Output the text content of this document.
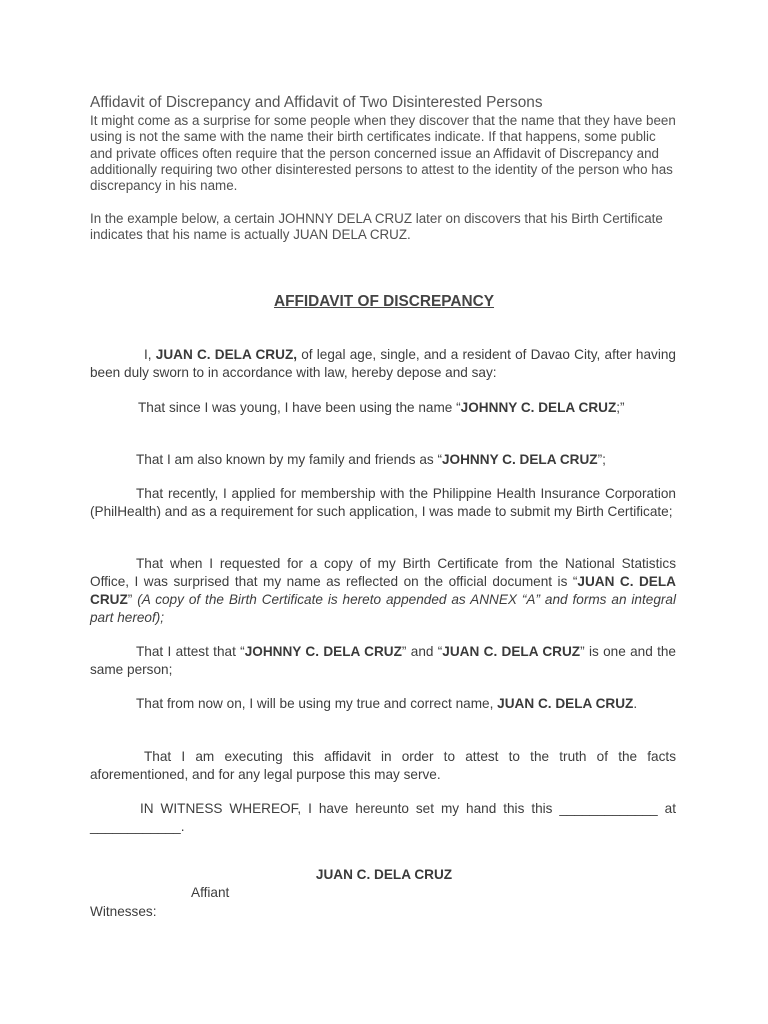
Affidavit of Discrepancy and Affidavit of Two Disinterested Persons
It might come as a surprise for some people when they discover that the name that they have been using is not the same with the name their birth certificates indicate. If that happens, some public and private offices often require that the person concerned issue an Affidavit of Discrepancy and additionally requiring two other disinterested persons to attest to the identity of the person who has discrepancy in his name.
In the example below, a certain JOHNNY DELA CRUZ later on discovers that his Birth Certificate indicates that his name is actually JUAN DELA CRUZ.
AFFIDAVIT OF DISCREPANCY
I, JUAN C. DELA CRUZ, of legal age, single, and a resident of Davao City, after having been duly sworn to in accordance with law, hereby depose and say:
That since I was young, I have been using the name “JOHNNY C. DELA CRUZ;”
That I am also known by my family and friends as “JOHNNY C. DELA CRUZ”;
That recently, I applied for membership with the Philippine Health Insurance Corporation (PhilHealth) and as a requirement for such application, I was made to submit my Birth Certificate;
That when I requested for a copy of my Birth Certificate from the National Statistics Office, I was surprised that my name as reflected on the official document is “JUAN C. DELA CRUZ” (A copy of the Birth Certificate is hereto appended as ANNEX “A” and forms an integral part hereof);
That I attest that “JOHNNY C. DELA CRUZ” and “JUAN C. DELA CRUZ” is one and the same person;
That from now on, I will be using my true and correct name, JUAN C. DELA CRUZ.
That I am executing this affidavit in order to attest to the truth of the facts aforementioned, and for any legal purpose this may serve.
IN WITNESS WHEREOF, I have hereunto set my hand this this _____________ at ____________.
JUAN C. DELA CRUZ
Affiant
Witnesses:
